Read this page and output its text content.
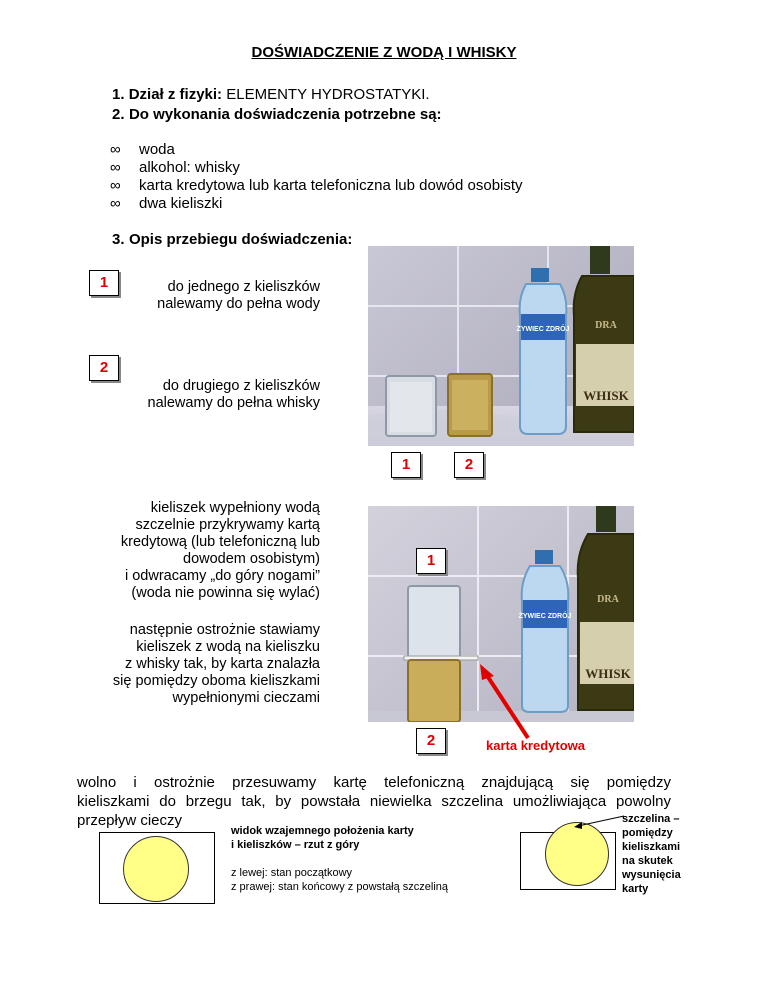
DOŚWIADCZENIE Z WODĄ I WHISKY
1. Dział z fizyki: ELEMENTY HYDROSTATYKI.
2. Do wykonania doświadczenia potrzebne są:
∞ woda
∞ alkohol: whisky
∞ karta kredytowa lub karta telefoniczna lub dowód osobisty
∞ dwa kieliszki
3. Opis przebiegu doświadczenia:
1	do jednego z kieliszków
nalewamy do pełna wody
2
do drugiego z kieliszków
nalewamy do pełna whisky
ŻYWIEC ZDRÓJ	DRA
WHISK
1	2
kieliszek wypełniony wodą
szczelnie przykrywamy kartą
kredytową (lub telefoniczną lub
dowodem osobistym)
i odwracamy „do góry nogami”
(woda nie powinna się wylać)
następnie ostrożnie stawiamy
kieliszek z wodą na kieliszku
z whisky tak, by karta znalazła
się pomiędzy oboma kieliszkami
wypełnionymi cieczami
ŻYWIEC ZDRÓJ
DRA
WHISK
1
2	karta kredytowa
wolno i ostrożnie przesuwamy kartę telefoniczną znajdującą się pomiędzy
kieliszkami do brzegu tak, by powstała niewielka szczelina umożliwiająca powolny
przepływ cieczy
widok wzajemnego położenia karty
i kieliszków – rzut z góry
z lewej: stan początkowy
z prawej: stan końcowy z powstałą szczeliną
szczelina –
pomiędzy
kieliszkami
na skutek
wysunięcia
karty
